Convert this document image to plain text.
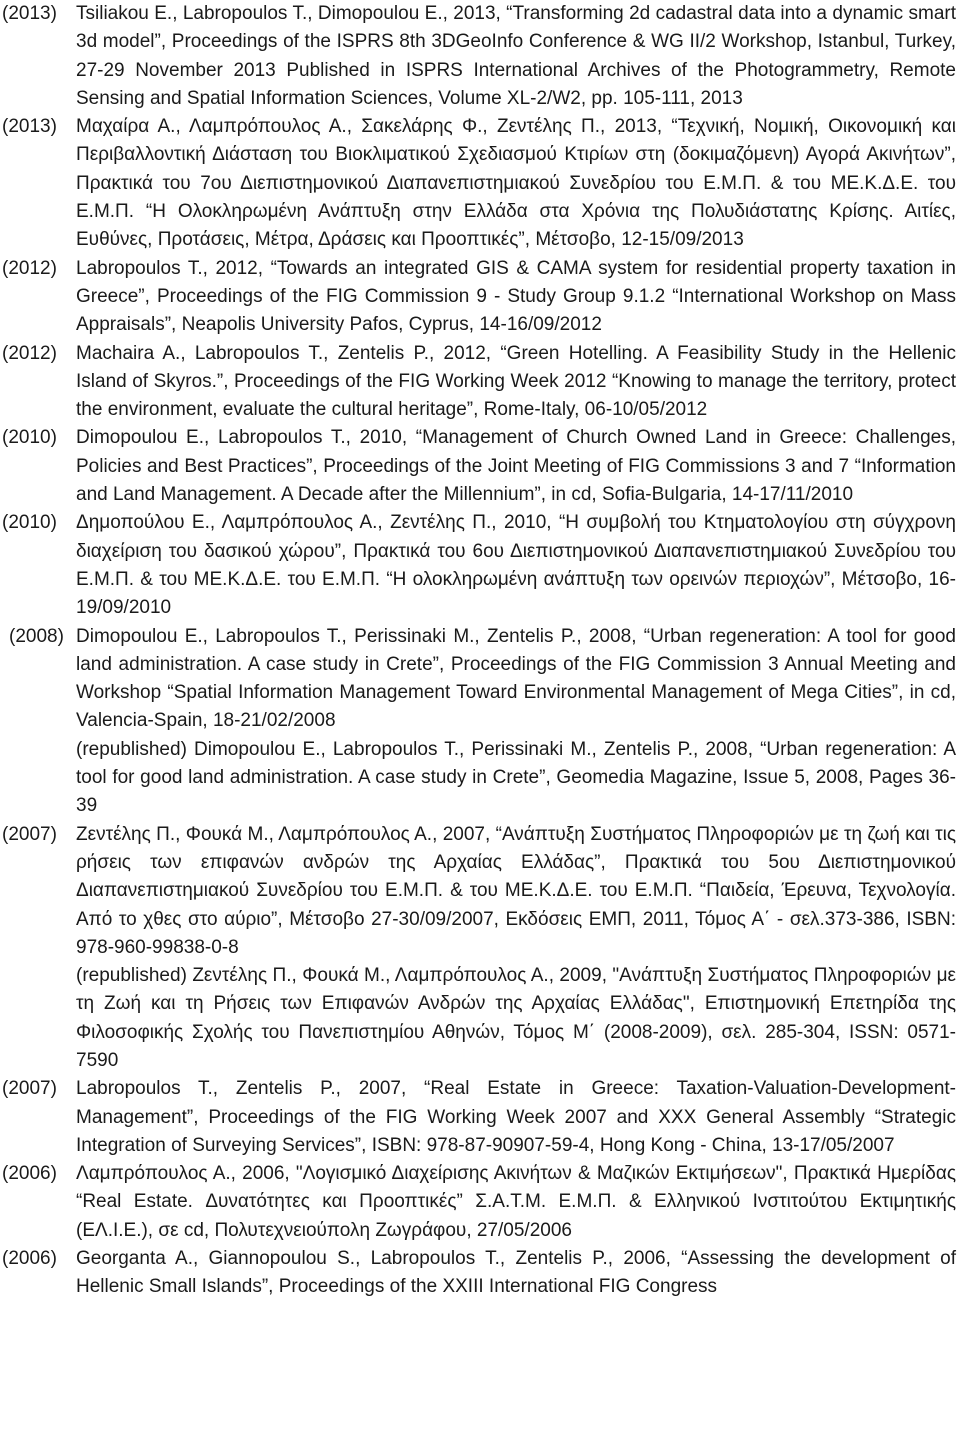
(2013)	Tsiliakou E., Labropoulos T., Dimopoulou E., 2013, “Transforming 2d cadastral data into a dynamic smart 3d model”, Proceedings of the ISPRS 8th 3DGeoInfo Conference & WG II/2 Workshop, Istanbul, Turkey, 27-29 November 2013 Published in ISPRS International Archives of the Photogrammetry, Remote Sensing and Spatial Information Sciences, Volume XL-2/W2, pp. 105-111, 2013

(2013)	Μαχαίρα Α., Λαμπρόπουλος Α., Σακελάρης Φ., Ζεντέλης Π., 2013, “Τεχνική, Νομική, Οικονομική και Περιβαλλοντική Διάσταση του Βιοκλιματικού Σχεδιασμού Κτιρίων στη (δοκιμαζόμενη) Αγορά Ακινήτων”, Πρακτικά του 7ου Διεπιστημονικού Διαπανεπιστημιακού Συνεδρίου του Ε.Μ.Π. & του ΜΕ.Κ.Δ.Ε. του Ε.Μ.Π. “Η Ολοκληρωμένη Ανάπτυξη στην Ελλάδα στα Χρόνια της Πολυδιάστατης Κρίσης. Αιτίες, Ευθύνες, Προτάσεις, Μέτρα, Δράσεις και Προοπτικές”, Μέτσοβο, 12-15/09/2013

(2012)	Labropoulos T., 2012, “Towards an integrated GIS & CAMA system for residential property taxation in Greece”, Proceedings of the FIG Commission 9 - Study Group 9.1.2 “International Workshop on Mass Appraisals”, Neapolis University Pafos, Cyprus, 14-16/09/2012

(2012)	Machaira A., Labropoulos T., Zentelis P., 2012, “Green Hotelling. A Feasibility Study in the Hellenic Island of Skyros.”, Proceedings of the FIG Working Week 2012 “Knowing to manage the territory, protect the environment, evaluate the cultural heritage”, Rome-Italy, 06-10/05/2012

(2010)	Dimopoulou E., Labropoulos T., 2010, “Management of Church Owned Land in Greece: Challenges, Policies and Best Practices”, Proceedings of the Joint Meeting of FIG Commissions 3 and 7 “Information and Land Management. A Decade after the Millennium”, in cd, Sofia-Bulgaria, 14-17/11/2010

(2010)	Δημοπούλου Ε., Λαμπρόπουλος Α., Ζεντέλης Π., 2010, “Η συμβολή του Κτηματολογίου στη σύγχρονη διαχείριση του δασικού χώρου”, Πρακτικά του 6ου Διεπιστημονικού Διαπανεπιστημιακού Συνεδρίου του Ε.Μ.Π. & του ΜΕ.Κ.Δ.Ε. του Ε.Μ.Π. “Η ολοκληρωμένη ανάπτυξη των ορεινών περιοχών”, Μέτσοβο, 16-19/09/2010

(2008) Dimopoulou E., Labropoulos T., Perissinaki M., Zentelis P., 2008, “Urban regeneration: A tool for good land administration. A case study in Crete”, Proceedings of the FIG Commission 3 Annual Meeting and Workshop “Spatial Information Management Toward Environmental Management of Mega Cities”, in cd, Valencia-Spain, 18-21/02/2008

(republished) Dimopoulou E., Labropoulos T., Perissinaki M., Zentelis P., 2008, “Urban regeneration: A tool for good land administration. A case study in Crete”, Geomedia Magazine, Issue 5, 2008, Pages 36-39

(2007)	Ζεντέλης Π., Φουκά Μ., Λαμπρόπουλος Α., 2007, “Ανάπτυξη Συστήματος Πληροφοριών με τη ζωή και τις ρήσεις των επιφανών ανδρών της Αρχαίας Ελλάδας”, Πρακτικά του 5ου Διεπιστημονικού Διαπανεπιστημιακού Συνεδρίου του Ε.Μ.Π. & του ΜΕ.Κ.Δ.Ε. του Ε.Μ.Π. “Παιδεία, Έρευνα, Τεχνολογία. Από το χθες στο αύριο”, Μέτσοβο 27-30/09/2007, Εκδόσεις ΕΜΠ, 2011, Τόμος Α΄ - σελ.373-386, ISBN: 978-960-99838-0-8

(republished) Ζεντέλης Π., Φουκά Μ., Λαμπρόπουλος Α., 2009, "Ανάπτυξη Συστήματος Πληροφοριών με τη Ζωή και τη Ρήσεις των Επιφανών Ανδρών της Αρχαίας Ελλάδας", Επιστημονική Επετηρίδα της Φιλοσοφικής Σχολής του Πανεπιστημίου Αθηνών, Τόμος Μ΄ (2008-2009), σελ. 285-304, ISSN: 0571-7590

(2007)	Labropoulos T., Zentelis P., 2007, “Real Estate in Greece: Taxation-Valuation-Development-Management”, Proceedings of the FIG Working Week 2007 and XXX General Assembly “Strategic Integration of Surveying Services”, ISBN: 978-87-90907-59-4, Hong Kong - China, 13-17/05/2007

(2006)	Λαμπρόπουλος Α., 2006, "Λογισμικό Διαχείρισης Ακινήτων & Μαζικών Εκτιμήσεων", Πρακτικά Ημερίδας “Real Estate. Δυνατότητες και Προοπτικές” Σ.Α.Τ.Μ. Ε.Μ.Π. & Ελληνικού Ινστιτούτου Εκτιμητικής (ΕΛ.Ι.Ε.), σε cd, Πολυτεχνειούπολη Ζωγράφου, 27/05/2006

(2006)	Georganta A., Giannopoulou S., Labropoulos T., Zentelis P., 2006, “Assessing the development of Hellenic Small Islands”, Proceedings of the XXIII International FIG Congress
